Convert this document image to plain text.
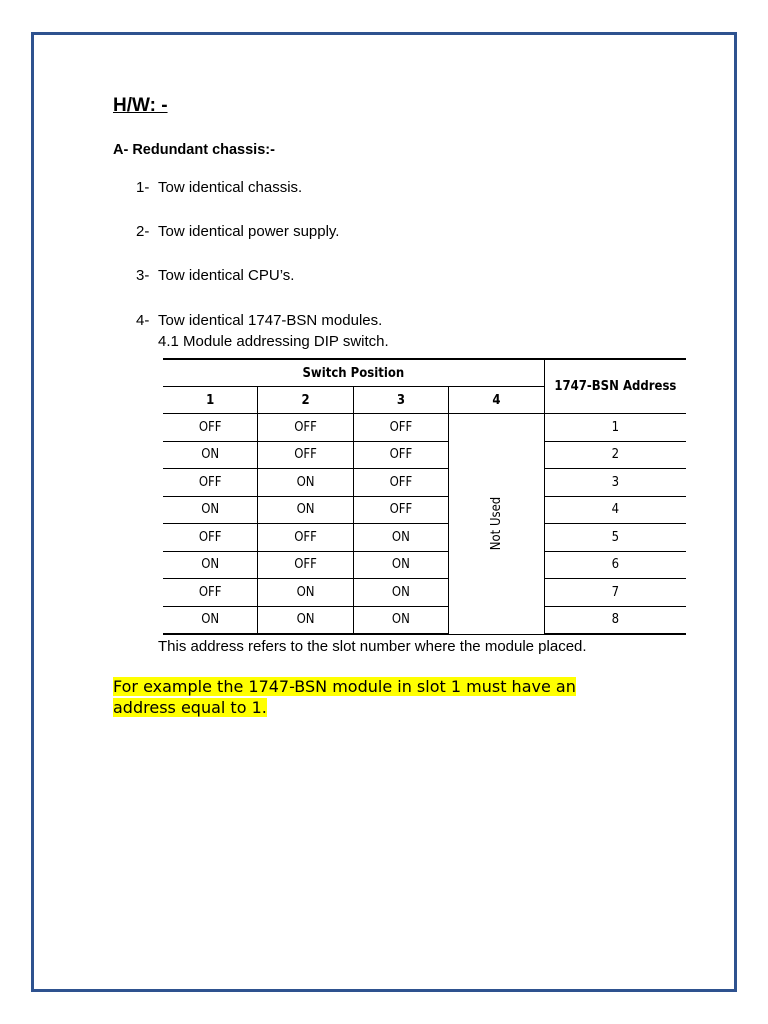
H/W: -
A- Redundant chassis:-
1- Tow identical chassis.
2- Tow identical power supply.
3- Tow identical CPU’s.
4- Tow identical 1747-BSN modules.
4.1 Module addressing DIP switch.
Switch Position				1747-BSN Address
1	2	3	4	
OFF	OFF	OFF	Not Used	1
ON	OFF	OFF		2
OFF	ON	OFF		3
ON	ON	OFF		4
OFF	OFF	ON		5
ON	OFF	ON		6
OFF	ON	ON		7
ON	ON	ON		8
This address refers to the slot number where the module placed.
For example the 1747-BSN module in slot 1 must have an
address equal to 1.
